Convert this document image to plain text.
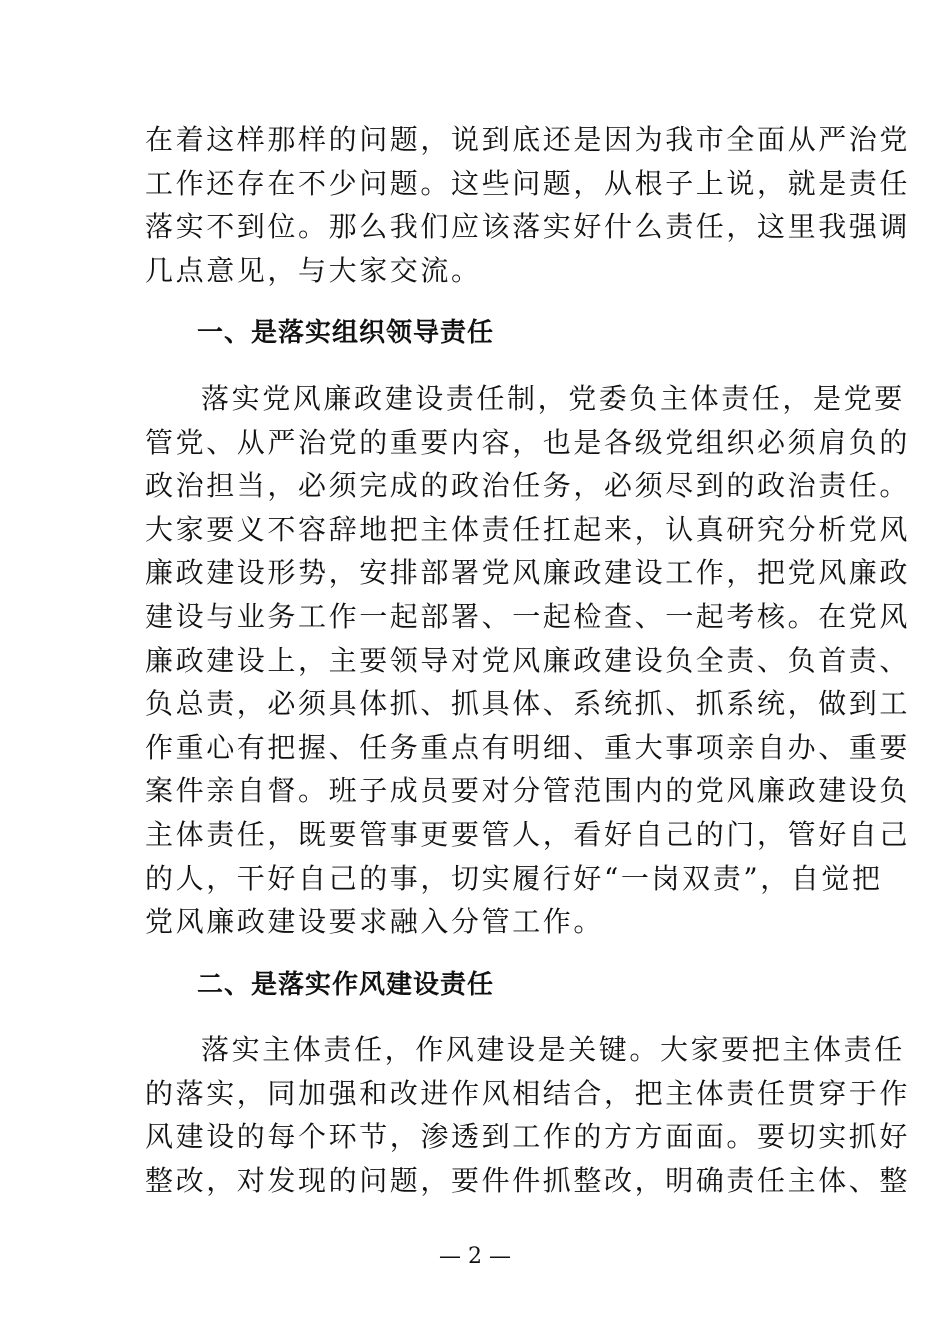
在着这样那样的问题，说到底还是因为我市全面从严治党
工作还存在不少问题。这些问题，从根子上说，就是责任
落实不到位。那么我们应该落实好什么责任，这里我强调
几点意见，与大家交流。
一、是落实组织领导责任
落实党风廉政建设责任制，党委负主体责任，是党要
管党、从严治党的重要内容，也是各级党组织必须肩负的
政治担当，必须完成的政治任务，必须尽到的政治责任。
大家要义不容辞地把主体责任扛起来，认真研究分析党风
廉政建设形势，安排部署党风廉政建设工作，把党风廉政
建设与业务工作一起部署、一起检查、一起考核。在党风
廉政建设上，主要领导对党风廉政建设负全责、负首责、
负总责，必须具体抓、抓具体、系统抓、抓系统，做到工
作重心有把握、任务重点有明细、重大事项亲自办、重要
案件亲自督。班子成员要对分管范围内的党风廉政建设负
主体责任，既要管事更要管人，看好自己的门，管好自己
的人，干好自己的事，切实履行好“一岗双责”，自觉把
党风廉政建设要求融入分管工作。
二、是落实作风建设责任
落实主体责任，作风建设是关键。大家要把主体责任
的落实，同加强和改进作风相结合，把主体责任贯穿于作
风建设的每个环节，渗透到工作的方方面面。要切实抓好
整改，对发现的问题，要件件抓整改，明确责任主体、整
— 2 —
